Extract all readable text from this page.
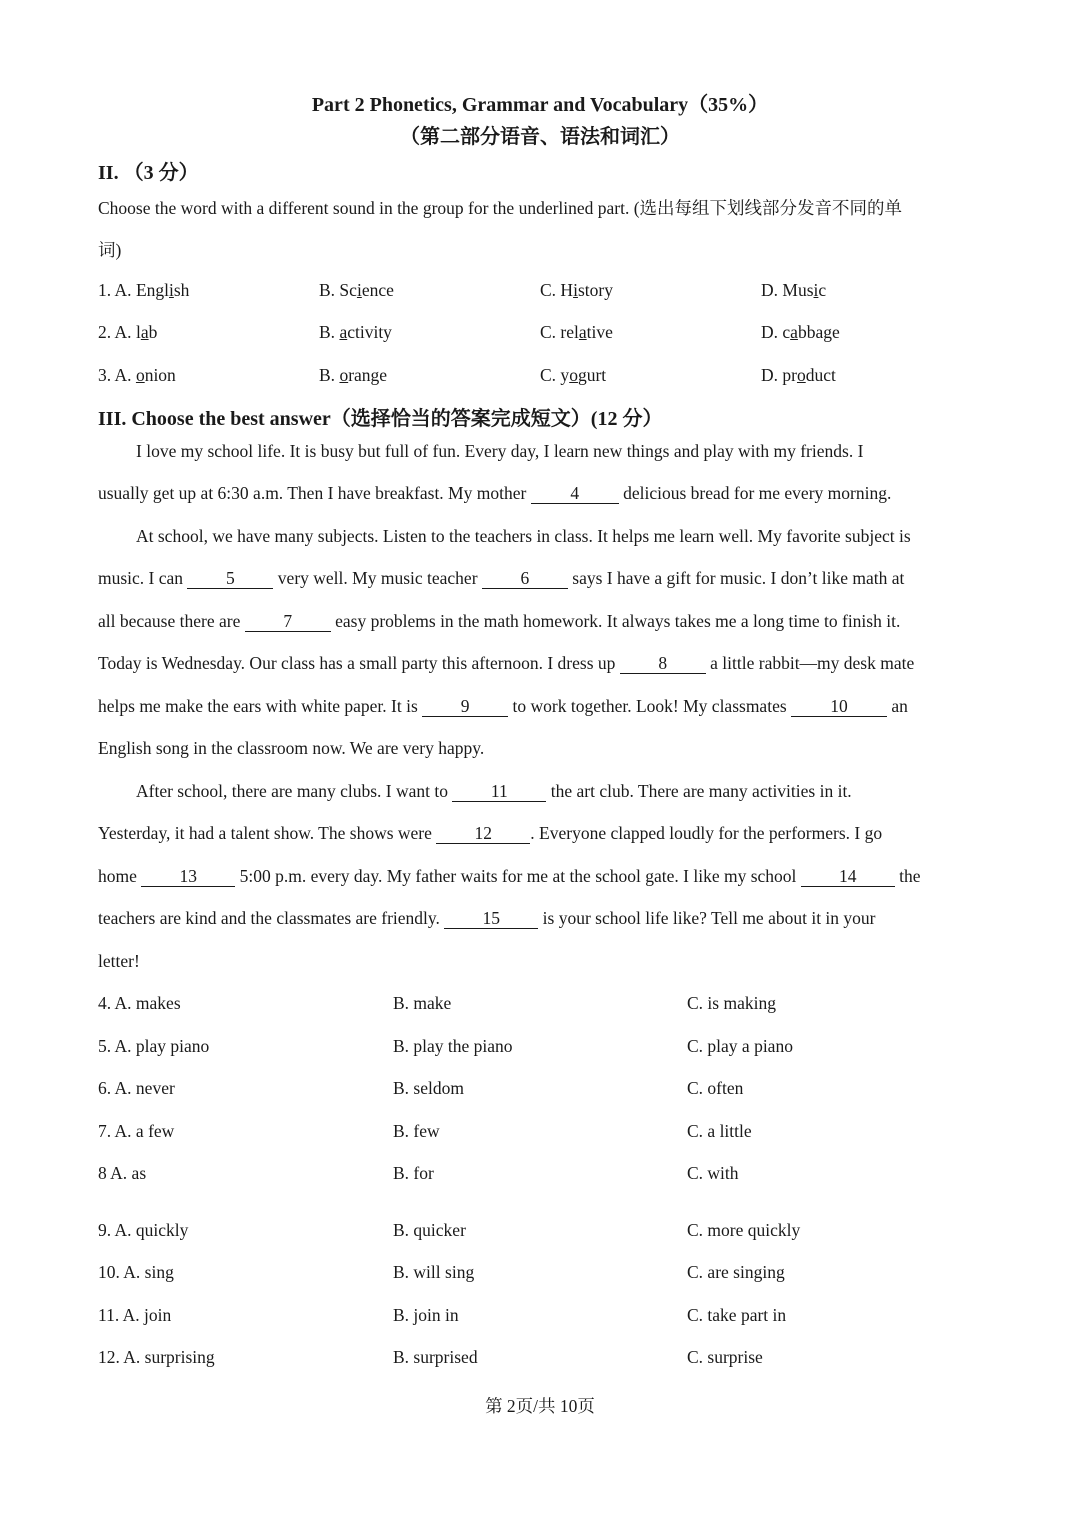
Part 2 Phonetics, Grammar and Vocabulary（35%）
（第二部分语音、语法和词汇）
II. （3 分）
Choose the word with a different sound in the group for the underlined part. (选出每组下划线部分发音不同的单
词)
1. A. English	B. Science	C. History	D. Music
2. A. lab	B. activity	C. relative	D. cabbage
3. A. onion	B. orange	C. yogurt	D. product
III. Choose the best answer（选择恰当的答案完成短文）(12 分）
I love my school life. It is busy but full of fun. Every day, I learn new things and play with my friends. I
usually get up at 6:30 a.m. Then I have breakfast. My mother 4 delicious bread for me every morning.
At school, we have many subjects. Listen to the teachers in class. It helps me learn well. My favorite subject is
music. I can 5 very well. My music teacher 6 says I have a gift for music. I don’t like math at
all because there are 7 easy problems in the math homework. It always takes me a long time to finish it.
Today is Wednesday. Our class has a small party this afternoon. I dress up 8 a little rabbit—my desk mate
helps me make the ears with white paper. It is 9 to work together. Look! My classmates 10 an
English song in the classroom now. We are very happy.
After school, there are many clubs. I want to 11 the art club. There are many activities in it.
Yesterday, it had a talent show. The shows were 12 . Everyone clapped loudly for the performers. I go
home 13 5:00 p.m. every day. My father waits for me at the school gate. I like my school 14 the
teachers are kind and the classmates are friendly. 15 is your school life like? Tell me about it in your
letter!
4. A. makes	B. make	C. is making
5. A. play piano	B. play the piano	C. play a piano
6. A. never	B. seldom	C. often
7. A. a few	B. few	C. a little
8 A. as	B. for	C. with
9. A. quickly	B. quicker	C. more quickly
10. A. sing	B. will sing	C. are singing
11. A. join	B. join in	C. take part in
12. A. surprising	B. surprised	C. surprise
第 2页/共 10页
